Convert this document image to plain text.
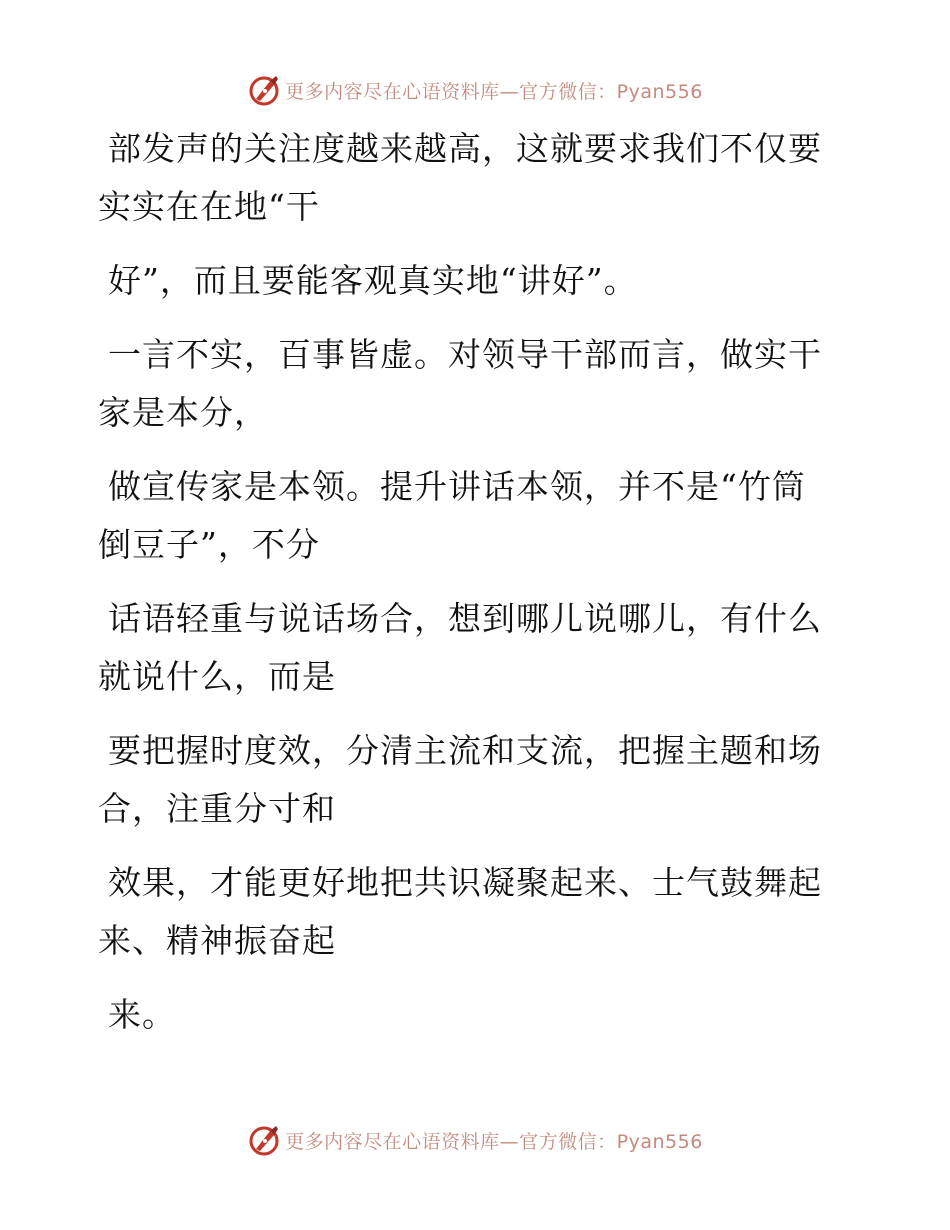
更多内容尽在心语资料库—官方微信：Pyan556

部发声的关注度越来越高，这就要求我们不仅要
实实在在地“干

好”，而且要能客观真实地“讲好”。

一言不实，百事皆虚。对领导干部而言，做实干
家是本分，

做宣传家是本领。提升讲话本领，并不是“竹筒
倒豆子”，不分

话语轻重与说话场合，想到哪儿说哪儿，有什么
就说什么，而是

要把握时度效，分清主流和支流，把握主题和场
合，注重分寸和

效果，才能更好地把共识凝聚起来、士气鼓舞起
来、精神振奋起

来。

更多内容尽在心语资料库—官方微信：Pyan556
